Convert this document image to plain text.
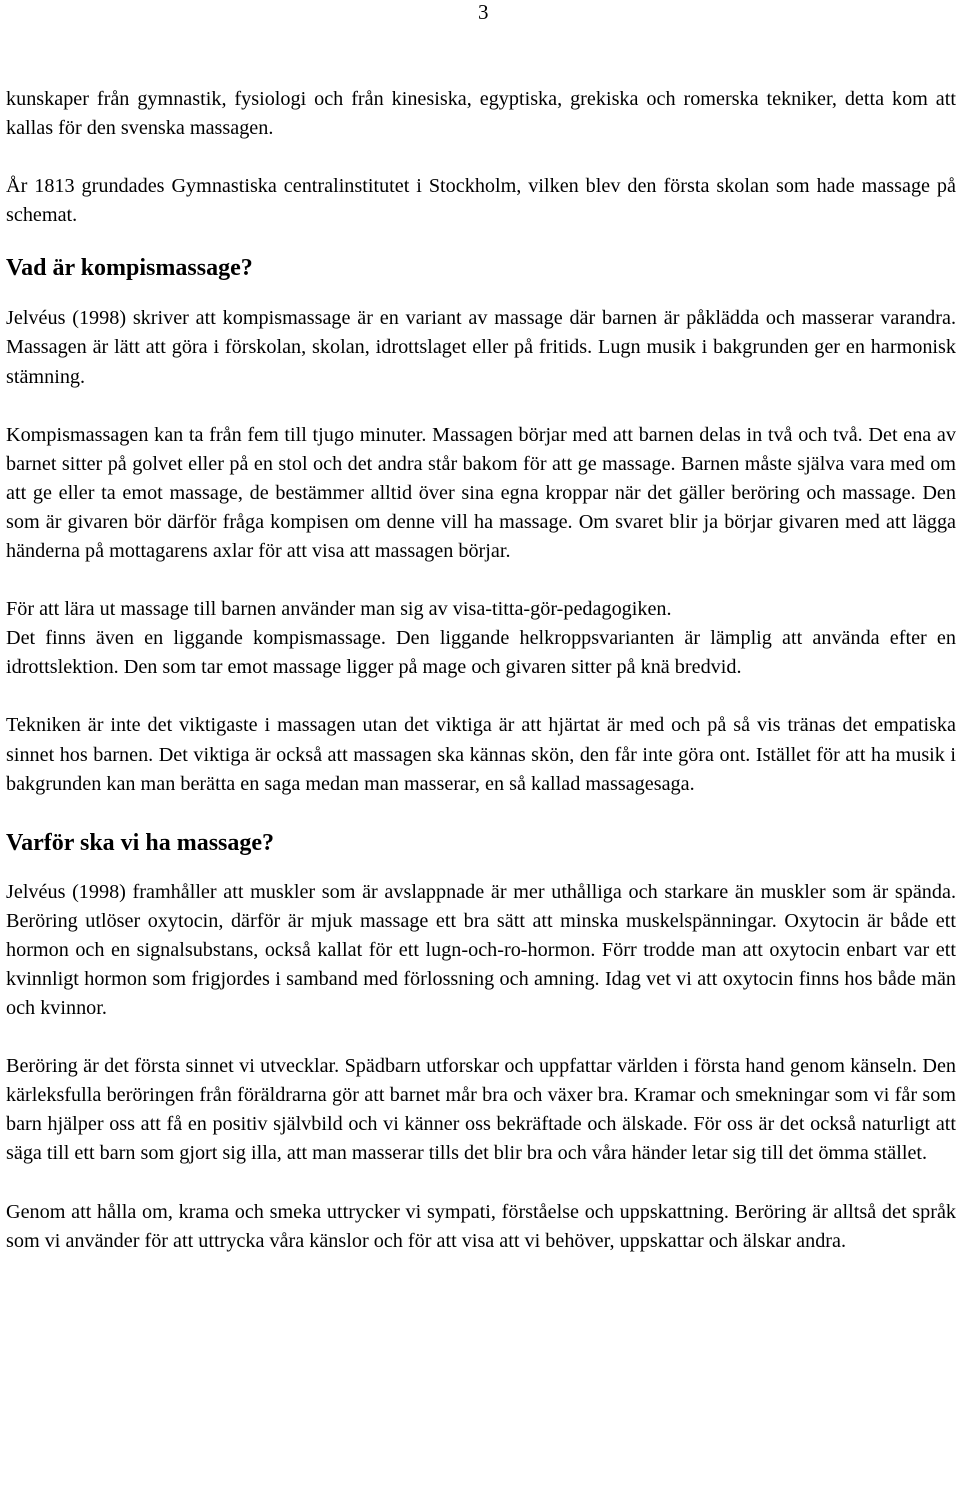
3

kunskaper från gymnastik, fysiologi och från kinesiska, egyptiska, grekiska och romerska tekniker, detta kom att kallas för den svenska massagen.

År 1813 grundades Gymnastiska centralinstitutet i Stockholm, vilken blev den första skolan som hade massage på schemat.

Vad är kompismassage?

Jelvéus (1998) skriver att kompismassage är en variant av massage där barnen är påklädda och masserar varandra. Massagen är lätt att göra i förskolan, skolan, idrottslaget eller på fritids. Lugn musik i bakgrunden ger en harmonisk stämning.

Kompismassagen kan ta från fem till tjugo minuter. Massagen börjar med att barnen delas in två och två. Det ena av barnet sitter på golvet eller på en stol och det andra står bakom för att ge massage. Barnen måste själva vara med om att ge eller ta emot massage, de bestämmer alltid över sina egna kroppar när det gäller beröring och massage. Den som är givaren bör därför fråga kompisen om denne vill ha massage. Om svaret blir ja börjar givaren med att lägga händerna på mottagarens axlar för att visa att massagen börjar.

För att lära ut massage till barnen använder man sig av visa-titta-gör-pedagogiken.

Det finns även en liggande kompismassage. Den liggande helkroppsvarianten är lämplig att använda efter en idrottslektion. Den som tar emot massage ligger på mage och givaren sitter på knä bredvid.

Tekniken är inte det viktigaste i massagen utan det viktiga är att hjärtat är med och på så vis tränas det empatiska sinnet hos barnen. Det viktiga är också att massagen ska kännas skön, den får inte göra ont. Istället för att ha musik i bakgrunden kan man berätta en saga medan man masserar, en så kallad massagesaga.

Varför ska vi ha massage?

Jelvéus (1998) framhåller att muskler som är avslappnade är mer uthålliga och starkare än muskler som är spända. Beröring utlöser oxytocin, därför är mjuk massage ett bra sätt att minska muskelspänningar. Oxytocin är både ett hormon och en signalsubstans, också kallat för ett lugn-och-ro-hormon. Förr trodde man att oxytocin enbart var ett kvinnligt hormon som frigjordes i samband med förlossning och amning. Idag vet vi att oxytocin finns hos både män och kvinnor.

Beröring är det första sinnet vi utvecklar. Spädbarn utforskar och uppfattar världen i första hand genom känseln. Den kärleksfulla beröringen från föräldrarna gör att barnet mår bra och växer bra. Kramar och smekningar som vi får som barn hjälper oss att få en positiv självbild och vi känner oss bekräftade och älskade. För oss är det också naturligt att säga till ett barn som gjort sig illa, att man masserar tills det blir bra och våra händer letar sig till det ömma stället.

Genom att hålla om, krama och smeka uttrycker vi sympati, förståelse och uppskattning. Beröring är alltså det språk som vi använder för att uttrycka våra känslor och för att visa att vi behöver, uppskattar och älskar andra.
